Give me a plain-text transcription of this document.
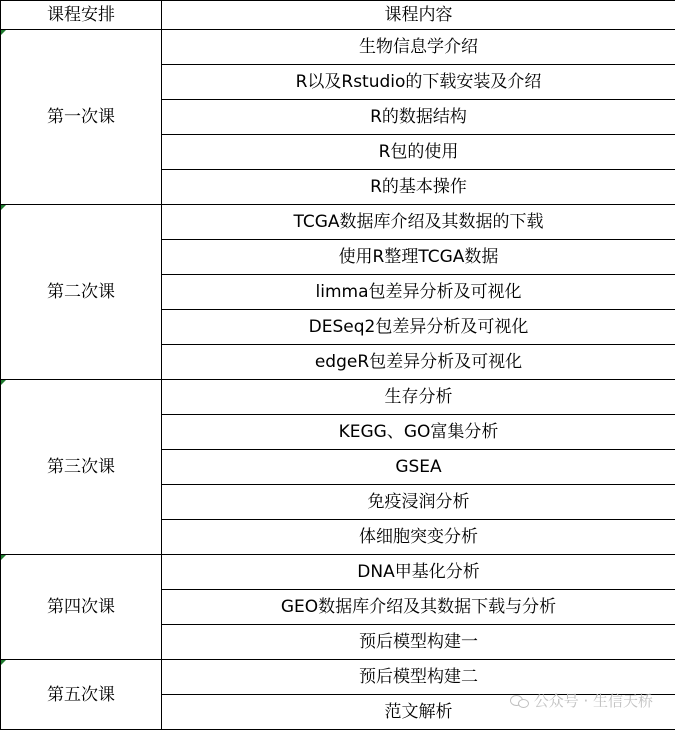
课程安排	课程内容

第一次课	生物信息学介绍
	R以及Rstudio的下载安装及介绍
	R的数据结构
	R包的使用
	R的基本操作

第二次课	TCGA数据库介绍及其数据的下载
	使用R整理TCGA数据
	limma包差异分析及可视化
	DESeq2包差异分析及可视化
	edgeR包差异分析及可视化

第三次课	生存分析
	KEGG、GO富集分析
	GSEA
	免疫浸润分析
	体细胞突变分析

第四次课	DNA甲基化分析
	GEO数据库介绍及其数据下载与分析
	预后模型构建一

第五次课	预后模型构建二
	范文解析
公众号 · 生信天桥
